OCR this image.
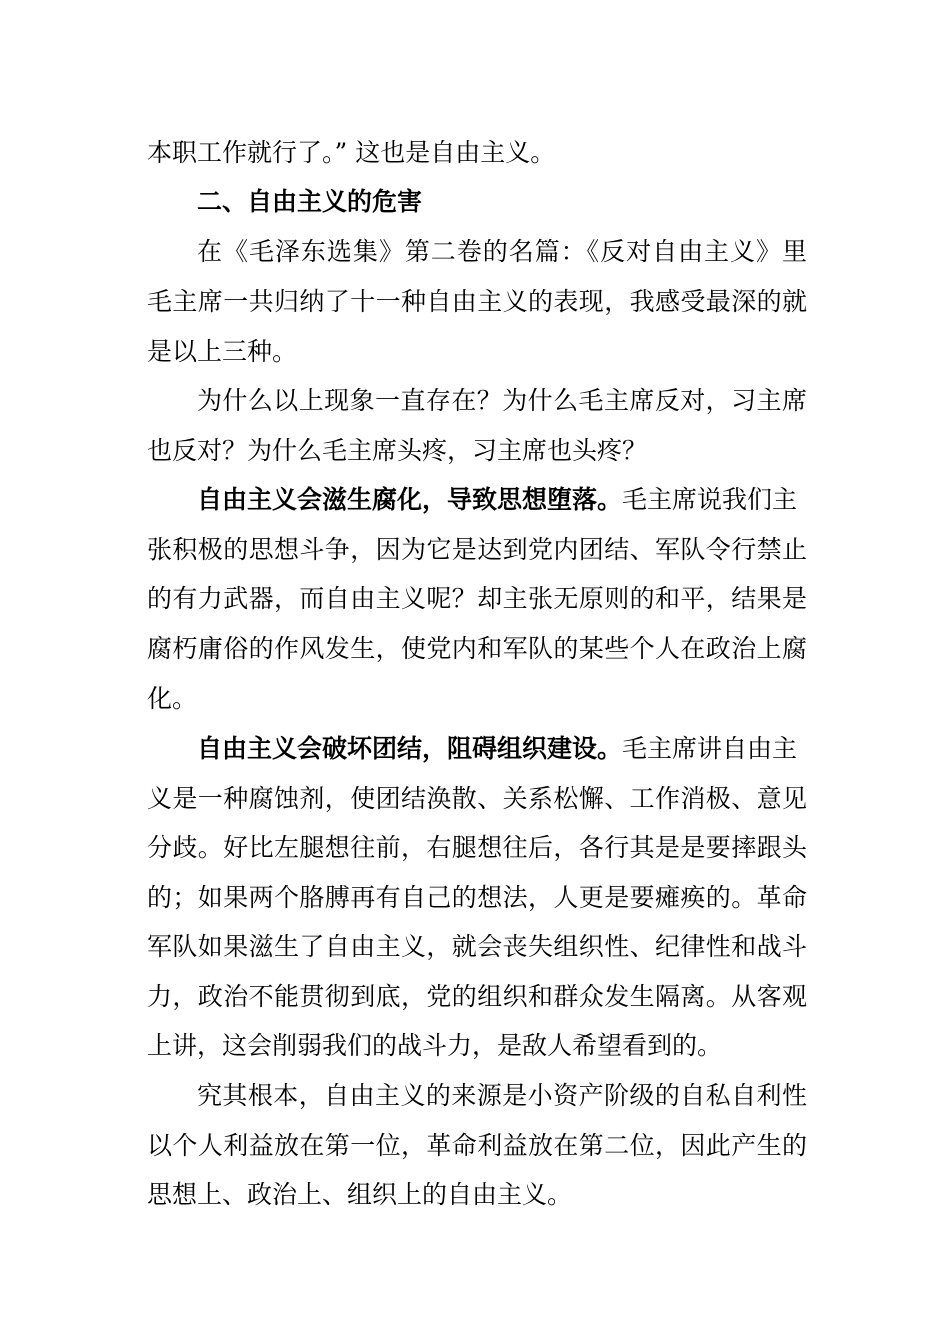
本职工作就行了。” 这也是自由主义。
二、自由主义的危害
在《毛泽东选集》第二卷的名篇：《反对自由主义》里
毛主席一共归纳了十一种自由主义的表现，我感受最深的就
是以上三种。
为什么以上现象一直存在？为什么毛主席反对，习主席
也反对？为什么毛主席头疼，习主席也头疼？
自由主义会滋生腐化，导致思想堕落。毛主席说我们主
张积极的思想斗争，因为它是达到党内团结、军队令行禁止
的有力武器，而自由主义呢？却主张无原则的和平，结果是
腐朽庸俗的作风发生，使党内和军队的某些个人在政治上腐
化。
自由主义会破坏团结，阻碍组织建设。毛主席讲自由主
义是一种腐蚀剂，使团结涣散、关系松懈、工作消极、意见
分歧。好比左腿想往前，右腿想往后，各行其是是要摔跟头
的；如果两个胳膊再有自己的想法，人更是要瘫痪的。革命
军队如果滋生了自由主义，就会丧失组织性、纪律性和战斗
力，政治不能贯彻到底，党的组织和群众发生隔离。从客观
上讲，这会削弱我们的战斗力，是敌人希望看到的。
究其根本，自由主义的来源是小资产阶级的自私自利性
以个人利益放在第一位，革命利益放在第二位，因此产生的
思想上、政治上、组织上的自由主义。
